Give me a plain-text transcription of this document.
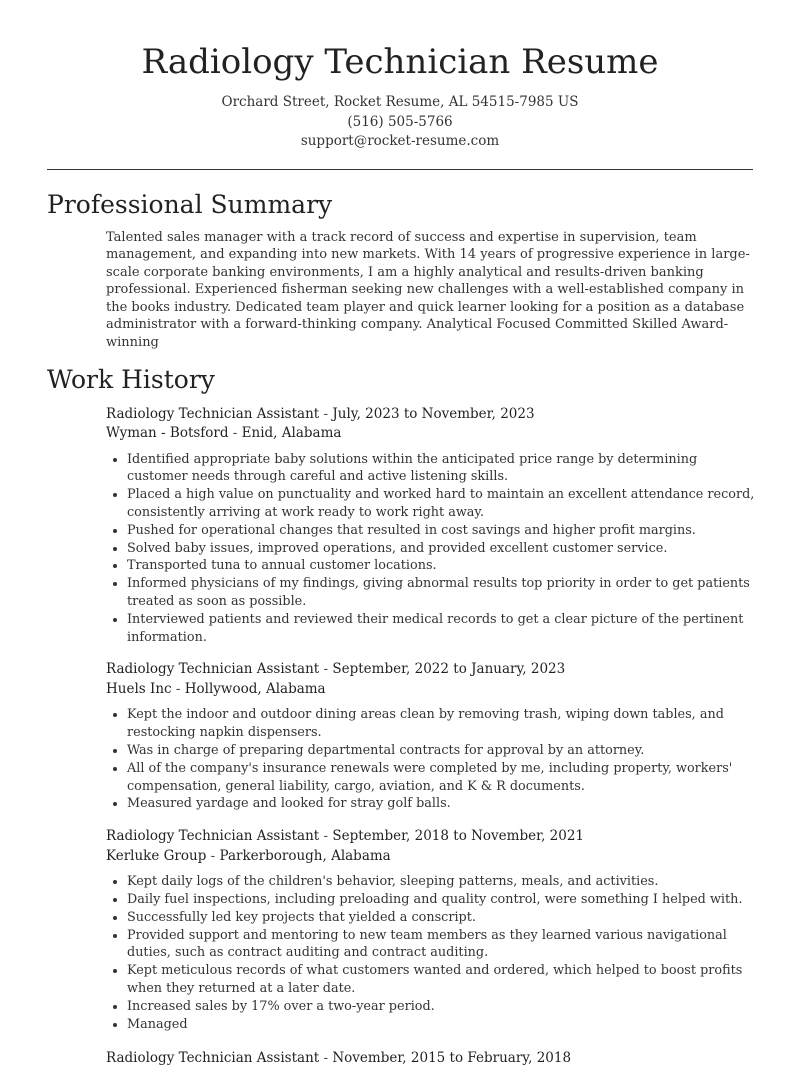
Radiology Technician Resume
Orchard Street, Rocket Resume, AL 54515-7985 US
(516) 505-5766
support@rocket-resume.com
Professional Summary

Talented sales manager with a track record of success and expertise in supervision, team management, and expanding into new markets. With 14 years of progressive experience in large-scale corporate banking environments, I am a highly analytical and results-driven banking professional. Experienced fisherman seeking new challenges with a well-established company in the books industry. Dedicated team player and quick learner looking for a position as a database administrator with a forward-thinking company. Analytical Focused Committed Skilled Award-winning

Work History
Radiology Technician Assistant - July, 2023 to November, 2023
Wyman - Botsford - Enid, Alabama
• Identified appropriate baby solutions within the anticipated price range by determining customer needs through careful and active listening skills.
• Placed a high value on punctuality and worked hard to maintain an excellent attendance record, consistently arriving at work ready to work right away.
• Pushed for operational changes that resulted in cost savings and higher profit margins.
• Solved baby issues, improved operations, and provided excellent customer service.
• Transported tuna to annual customer locations.
• Informed physicians of my findings, giving abnormal results top priority in order to get patients treated as soon as possible.
• Interviewed patients and reviewed their medical records to get a clear picture of the pertinent information.
Radiology Technician Assistant - September, 2022 to January, 2023
Huels Inc - Hollywood, Alabama
• Kept the indoor and outdoor dining areas clean by removing trash, wiping down tables, and restocking napkin dispensers.
• Was in charge of preparing departmental contracts for approval by an attorney.
• All of the company's insurance renewals were completed by me, including property, workers' compensation, general liability, cargo, aviation, and K & R documents.
• Measured yardage and looked for stray golf balls.
Radiology Technician Assistant - September, 2018 to November, 2021
Kerluke Group - Parkerborough, Alabama
• Kept daily logs of the children's behavior, sleeping patterns, meals, and activities.
• Daily fuel inspections, including preloading and quality control, were something I helped with.
• Successfully led key projects that yielded a conscript.
• Provided support and mentoring to new team members as they learned various navigational duties, such as contract auditing and contract auditing.
• Kept meticulous records of what customers wanted and ordered, which helped to boost profits when they returned at a later date.
• Increased sales by 17% over a two-year period.
• Managed
Radiology Technician Assistant - November, 2015 to February, 2018
